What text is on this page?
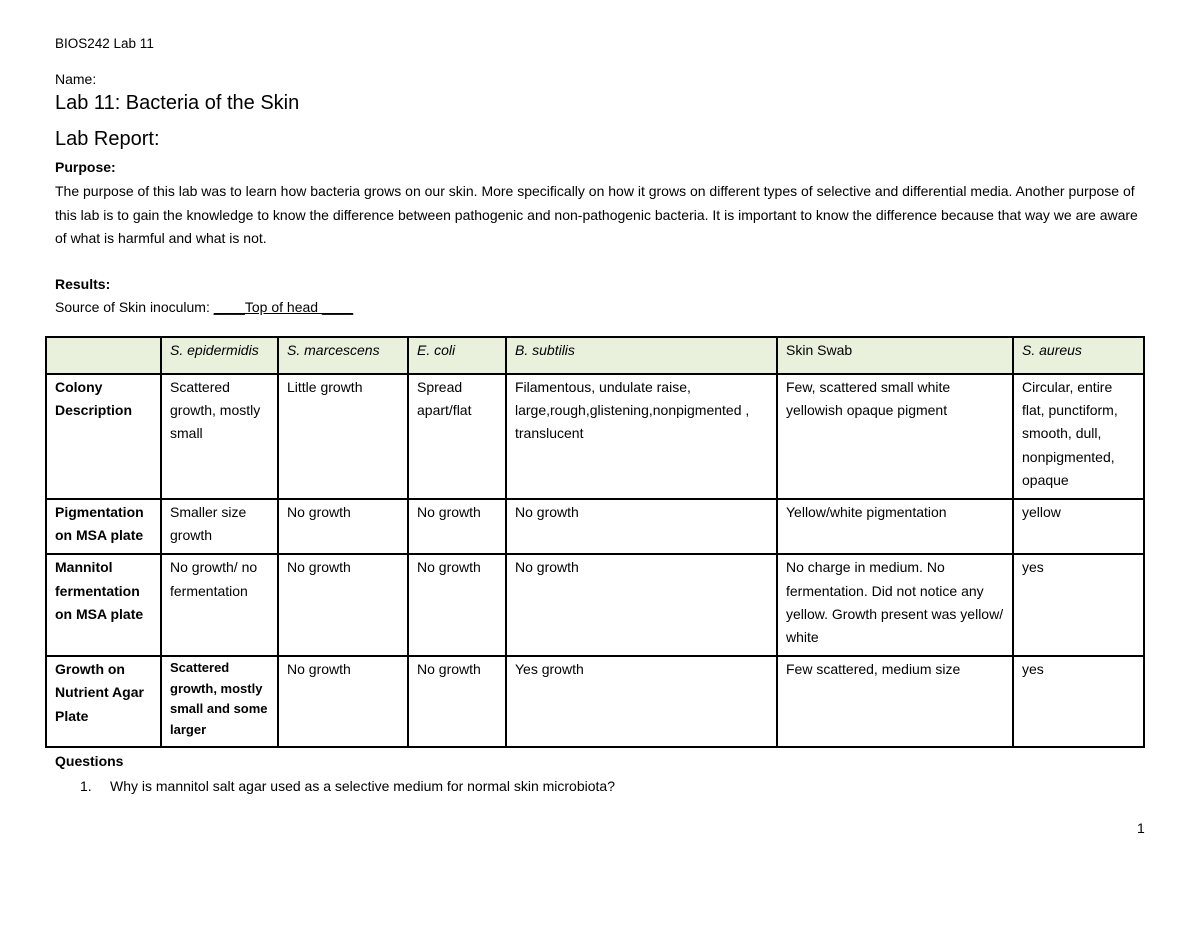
BIOS242 Lab 11
Name:
Lab 11: Bacteria of the Skin
Lab Report:
Purpose:
The purpose of this lab was to learn how bacteria grows on our skin. More specifically on how it grows on different types of selective and differential media. Another purpose of this lab is to gain the knowledge to know the difference between pathogenic and non-pathogenic bacteria. It is important to know the difference because that way we are aware of what is harmful and what is not.
Results:
Source of Skin inoculum: ____Top of head ____
	S. epidermidis	S. marcescens	E. coli	B. subtilis	Skin Swab	S. aureus
Colony Description	Scattered growth, mostly small	Little growth	Spread apart/flat	Filamentous, undulate raise, large,rough,glistening,nonpigmented , translucent	Few, scattered small white yellowish opaque pigment	Circular, entire flat, punctiform, smooth, dull, nonpigmented, opaque
Pigmentation on MSA plate	Smaller size growth	No growth	No growth	No growth	Yellow/white pigmentation	yellow
Mannitol fermentation on MSA plate	No growth/ no fermentation	No growth	No growth	No growth	No charge in medium. No fermentation. Did not notice any yellow. Growth present was yellow/ white	yes
Growth on Nutrient Agar Plate	Scattered growth, mostly small and some larger	No growth	No growth	Yes growth	Few scattered, medium size	yes
Questions
1. Why is mannitol salt agar used as a selective medium for normal skin microbiota?
1
